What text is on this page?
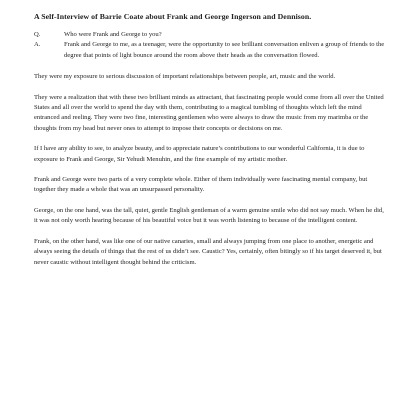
A Self-Interview of Barrie Coate about Frank and George Ingerson and Dennison.
Q.	Who were Frank and George to you?

A.	Frank and George to me, as a teenager, were the opportunity to see brilliant conversation enliven a group of friends to the degree that points of light bounce around the room above their heads as the conversation flowed.

They were my exposure to serious discussion of important relationships between people, art, music and the world.

They were a realization that with these two brilliant minds as attractant, that fascinating people would come from all over the United States and all over the world to spend the day with them, contributing to a magical tumbling of thoughts which left the mind entranced and reeling. They were two fine, interesting gentlemen who were always to draw the music from my marimba or the thoughts from my head but never ones to attempt to impose their concepts or decisions on me.

If I have any ability to see, to analyze beauty, and to appreciate nature’s contributions to our wonderful California, it is due to exposure to Frank and George, Sir Yehudi Menuhin, and the fine example of my artistic mother.

Frank and George were two parts of a very complete whole. Either of them individually were fascinating mental company, but together they made a whole that was an unsurpassed personality.

George, on the one hand, was the tall, quiet, gentle English gentleman of a warm genuine smile who did not say much. When he did, it was not only worth hearing because of his beautiful voice but it was worth listening to because of the intelligent content.

Frank, on the other hand, was like one of our native canaries, small and always jumping from one place to another, energetic and always seeing the details of things that the rest of us didn’t see. Caustic? Yes, certainly, often bitingly so if his target deserved it, but never caustic without intelligent thought behind the criticism.
